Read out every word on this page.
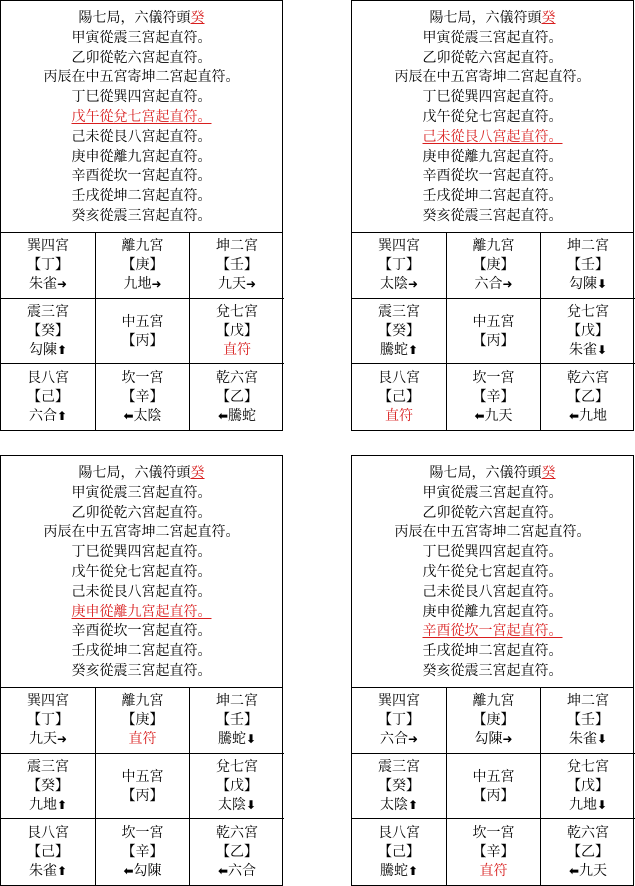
陽七局，六儀符頭癸
甲寅從震三宮起直符。
乙卯從乾六宮起直符。
丙辰在中五宮寄坤二宮起直符。
丁巳從巽四宮起直符。
戊午從兌七宮起直符。
己未從艮八宮起直符。
庚申從離九宮起直符。
辛酉從坎一宮起直符。
壬戌從坤二宮起直符。
癸亥從震三宮起直符。
巽四宮
【丁】
朱雀➜
離九宮
【庚】
九地➜
坤二宮
【壬】
九天➜
震三宮
【癸】
勾陳⬆
中五宮
【丙】
兌七宮
【戊】
直符
艮八宮
【己】
六合⬆
坎一宮
【辛】
⬅太陰
乾六宮
【乙】
⬅騰蛇
陽七局，六儀符頭癸
甲寅從震三宮起直符。
乙卯從乾六宮起直符。
丙辰在中五宮寄坤二宮起直符。
丁巳從巽四宮起直符。
戊午從兌七宮起直符。
己未從艮八宮起直符。
庚申從離九宮起直符。
辛酉從坎一宮起直符。
壬戌從坤二宮起直符。
癸亥從震三宮起直符。
巽四宮
【丁】
太陰➜
離九宮
【庚】
六合➜
坤二宮
【壬】
勾陳⬇
震三宮
【癸】
騰蛇⬆
中五宮
【丙】
兌七宮
【戊】
朱雀⬇
艮八宮
【己】
直符
坎一宮
【辛】
⬅九天
乾六宮
【乙】
⬅九地
陽七局，六儀符頭癸
甲寅從震三宮起直符。
乙卯從乾六宮起直符。
丙辰在中五宮寄坤二宮起直符。
丁巳從巽四宮起直符。
戊午從兌七宮起直符。
己未從艮八宮起直符。
庚申從離九宮起直符。
辛酉從坎一宮起直符。
壬戌從坤二宮起直符。
癸亥從震三宮起直符。
巽四宮
【丁】
九天➜
離九宮
【庚】
直符
坤二宮
【壬】
騰蛇⬇
震三宮
【癸】
九地⬆
中五宮
【丙】
兌七宮
【戊】
太陰⬇
艮八宮
【己】
朱雀⬆
坎一宮
【辛】
⬅勾陳
乾六宮
【乙】
⬅六合
陽七局，六儀符頭癸
甲寅從震三宮起直符。
乙卯從乾六宮起直符。
丙辰在中五宮寄坤二宮起直符。
丁巳從巽四宮起直符。
戊午從兌七宮起直符。
己未從艮八宮起直符。
庚申從離九宮起直符。
辛酉從坎一宮起直符。
壬戌從坤二宮起直符。
癸亥從震三宮起直符。
巽四宮
【丁】
六合➜
離九宮
【庚】
勾陳➜
坤二宮
【壬】
朱雀⬇
震三宮
【癸】
太陰⬆
中五宮
【丙】
兌七宮
【戊】
九地⬇
艮八宮
【己】
騰蛇⬆
坎一宮
【辛】
直符
乾六宮
【乙】
⬅九天
